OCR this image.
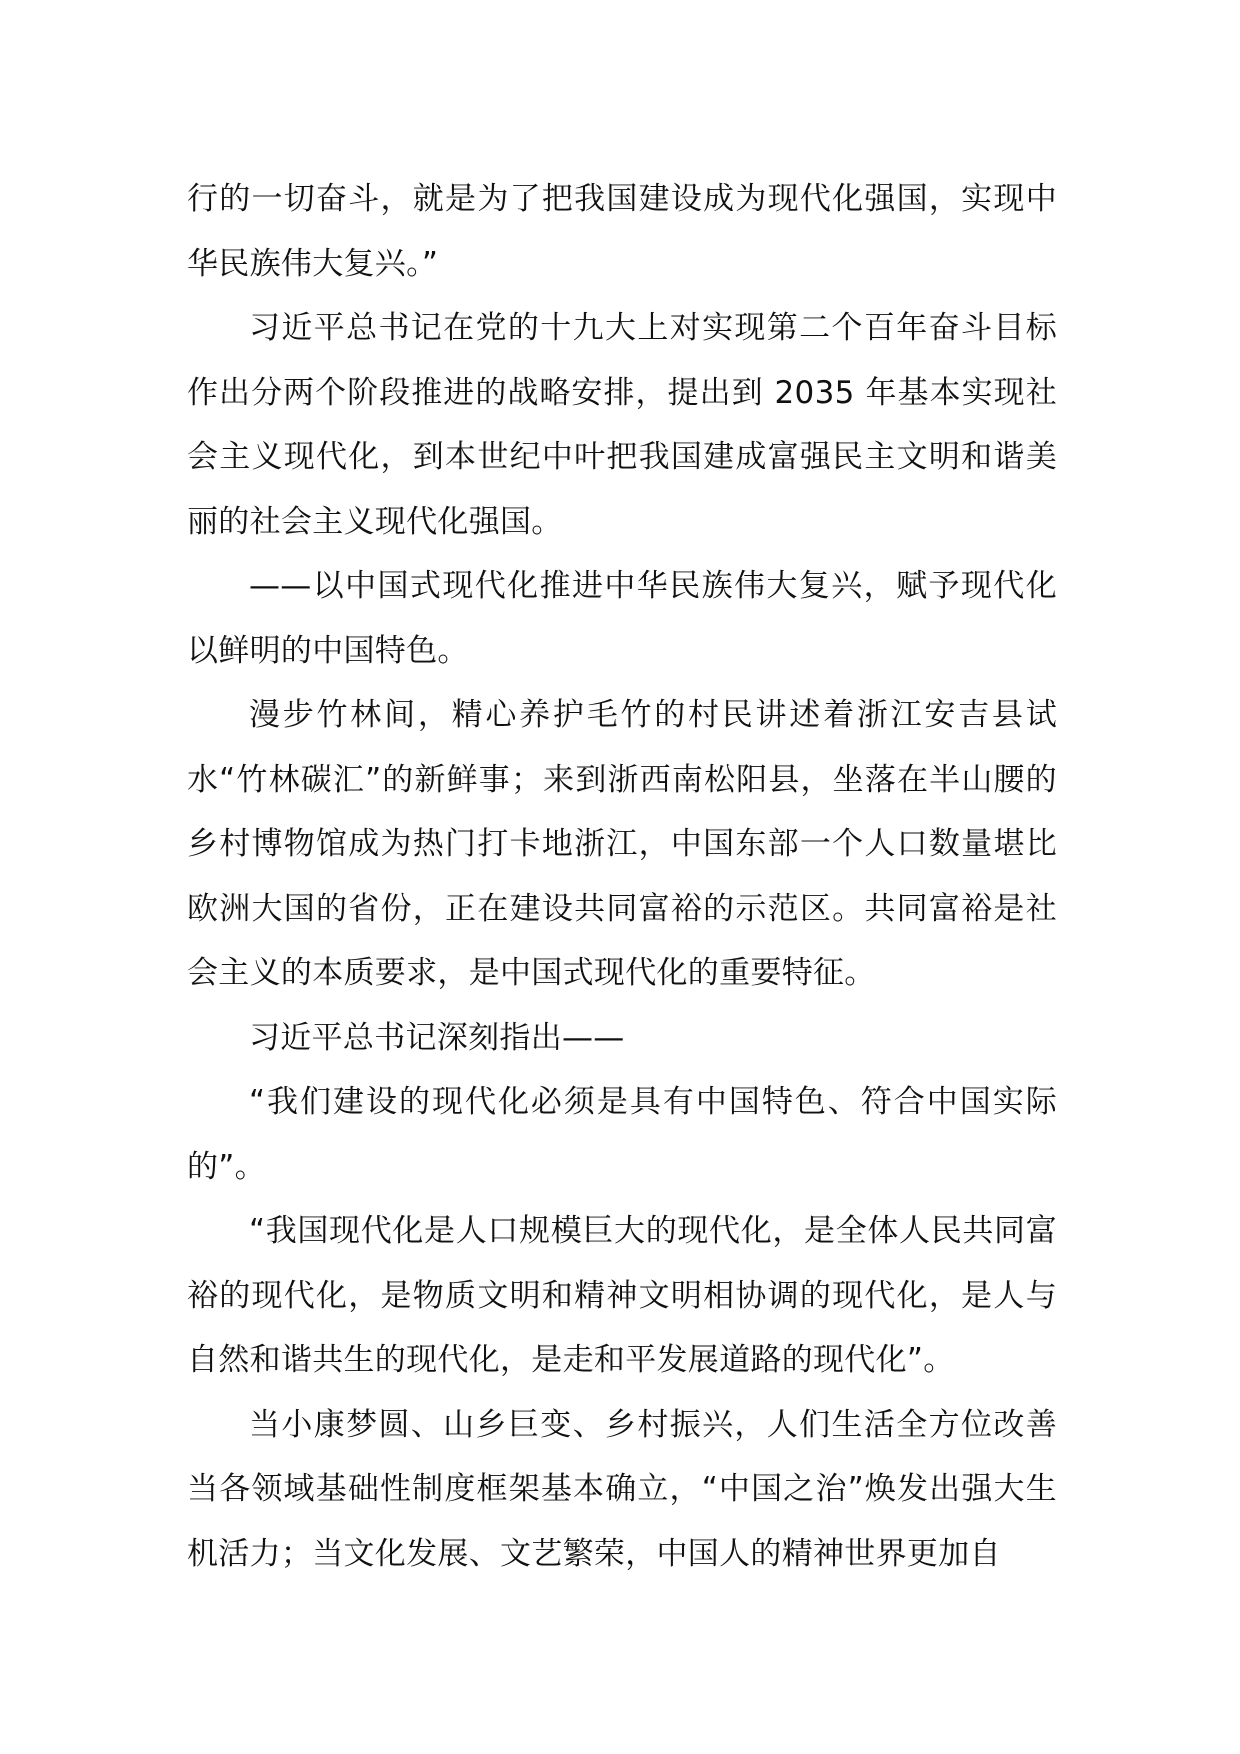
行的一切奋斗，就是为了把我国建设成为现代化强国，实现中华民族伟大复兴。”

习近平总书记在党的十九大上对实现第二个百年奋斗目标作出分两个阶段推进的战略安排，提出到 2035 年基本实现社会主义现代化，到本世纪中叶把我国建成富强民主文明和谐美丽的社会主义现代化强国。

——以中国式现代化推进中华民族伟大复兴，赋予现代化以鲜明的中国特色。

漫步竹林间，精心养护毛竹的村民讲述着浙江安吉县试水“竹林碳汇”的新鲜事；来到浙西南松阳县，坐落在半山腰的乡村博物馆成为热门打卡地浙江，中国东部一个人口数量堪比欧洲大国的省份，正在建设共同富裕的示范区。共同富裕是社会主义的本质要求，是中国式现代化的重要特征。

习近平总书记深刻指出——

“我们建设的现代化必须是具有中国特色、符合中国实际的”。

“我国现代化是人口规模巨大的现代化，是全体人民共同富裕的现代化，是物质文明和精神文明相协调的现代化，是人与自然和谐共生的现代化，是走和平发展道路的现代化”。

当小康梦圆、山乡巨变、乡村振兴，人们生活全方位改善当各领域基础性制度框架基本确立，“中国之治”焕发出强大生机活力；当文化发展、文艺繁荣，中国人的精神世界更加自
